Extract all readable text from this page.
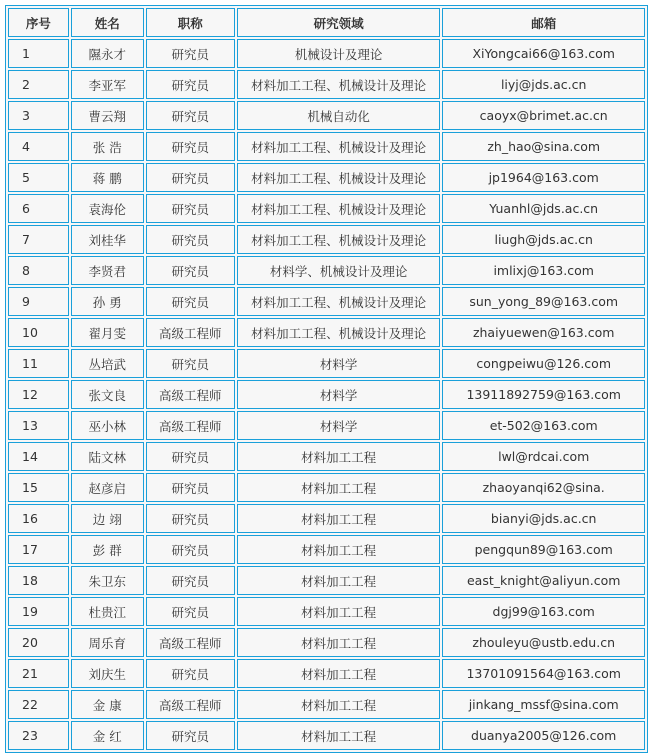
序号	姓名	职称	研究领域	邮箱
1	隰永才	研究员	机械设计及理论	XiYongcai66@163.com
2	李亚军	研究员	材料加工工程、机械设计及理论	liyj@jds.ac.cn
3	曹云翔	研究员	机械自动化	caoyx@brimet.ac.cn
4	张 浩	研究员	材料加工工程、机械设计及理论	zh_hao@sina.com
5	蒋 鹏	研究员	材料加工工程、机械设计及理论	jp1964@163.com
6	袁海伦	研究员	材料加工工程、机械设计及理论	Yuanhl@jds.ac.cn
7	刘桂华	研究员	材料加工工程、机械设计及理论	liugh@jds.ac.cn
8	李贤君	研究员	材料学、机械设计及理论	imlixj@163.com
9	孙 勇	研究员	材料加工工程、机械设计及理论	sun_yong_89@163.com
10	翟月雯	高级工程师	材料加工工程、机械设计及理论	zhaiyuewen@163.com
11	丛培武	研究员	材料学	congpeiwu@126.com
12	张文良	高级工程师	材料学	13911892759@163.com
13	巫小林	高级工程师	材料学	et-502@163.com
14	陆文林	研究员	材料加工工程	lwl@rdcai.com
15	赵彦启	研究员	材料加工工程	zhaoyanqi62@sina.
16	边 翊	研究员	材料加工工程	bianyi@jds.ac.cn
17	彭 群	研究员	材料加工工程	pengqun89@163.com
18	朱卫东	研究员	材料加工工程	east_knight@aliyun.com
19	杜贵江	研究员	材料加工工程	dgj99@163.com
20	周乐育	高级工程师	材料加工工程	zhouleyu@ustb.edu.cn
21	刘庆生	研究员	材料加工工程	13701091564@163.com
22	金 康	高级工程师	材料加工工程	jinkang_mssf@sina.com
23	金 红	研究员	材料加工工程	duanya2005@126.com
